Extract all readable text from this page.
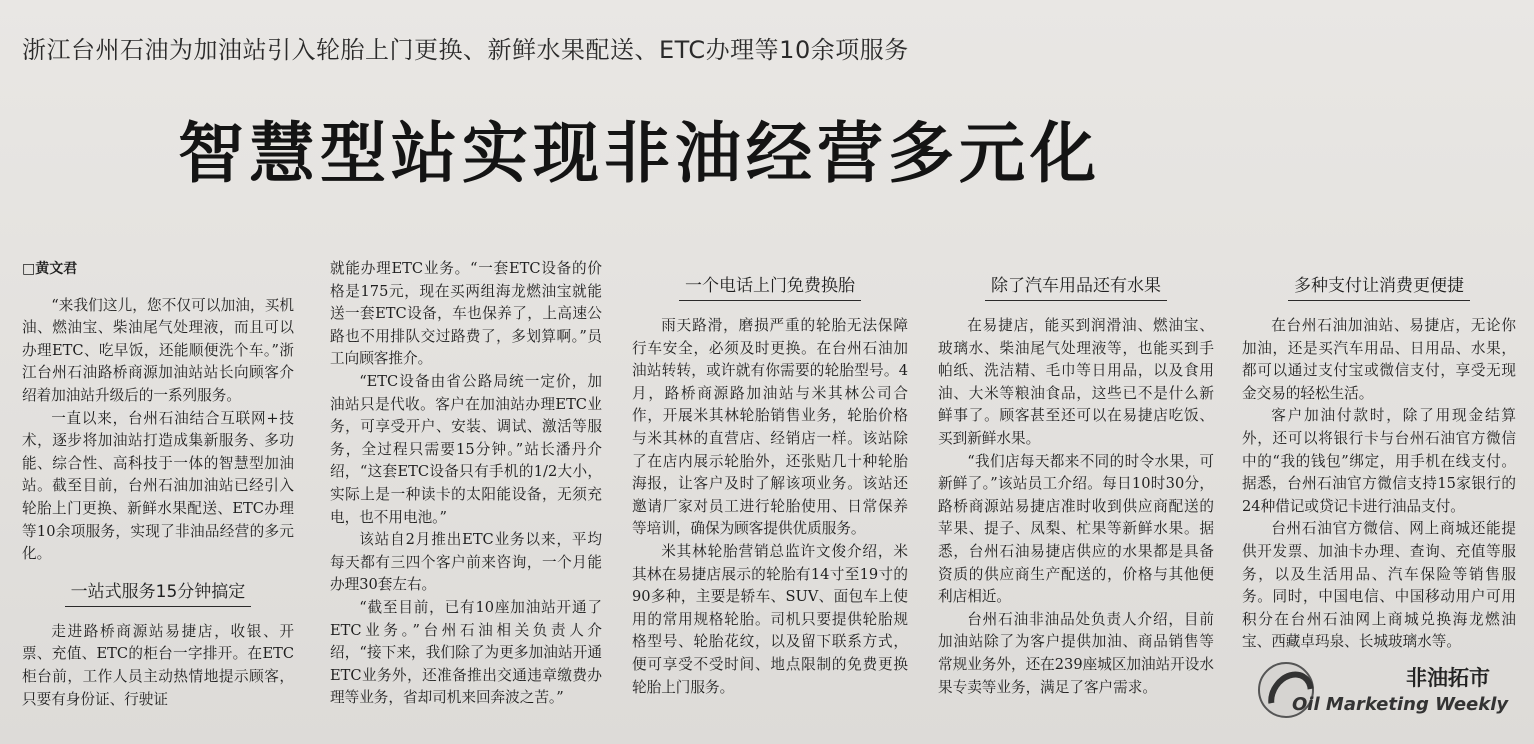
浙江台州石油为加油站引入轮胎上门更换、新鲜水果配送、ETC办理等10余项服务
智慧型站实现非油经营多元化
□黄文君

“来我们这儿，您不仅可以加油，买机油、燃油宝、柴油尾气处理液，而且可以办理ETC、吃早饭，还能顺便洗个车。”浙江台州石油路桥商源加油站站长向顾客介绍着加油站升级后的一系列服务。

一直以来，台州石油结合互联网+技术，逐步将加油站打造成集新服务、多功能、综合性、高科技于一体的智慧型加油站。截至目前，台州石油加油站已经引入轮胎上门更换、新鲜水果配送、ETC办理等10余项服务，实现了非油品经营的多元化。

一站式服务15分钟搞定

走进路桥商源站易捷店，收银、开票、充值、ETC的柜台一字排开。在ETC柜台前，工作人员主动热情地提示顾客，只要有身份证、行驶证

就能办理ETC业务。“一套ETC设备的价格是175元，现在买两组海龙燃油宝就能送一套ETC设备，车也保养了，上高速公路也不用排队交过路费了，多划算啊。”员工向顾客推介。

“ETC设备由省公路局统一定价，加油站只是代收。客户在加油站办理ETC业务，可享受开户、安装、调试、激活等服务，全过程只需要15分钟。”站长潘丹介绍，“这套ETC设备只有手机的1/2大小，实际上是一种读卡的太阳能设备，无须充电，也不用电池。”

该站自2月推出ETC业务以来，平均每天都有三四个客户前来咨询，一个月能办理30套左右。

“截至目前，已有10座加油站开通了ETC业务。”台州石油相关负责人介绍，“接下来，我们除了为更多加油站开通ETC业务外，还准备推出交通违章缴费办理等业务，省却司机来回奔波之苦。”

一个电话上门免费换胎

雨天路滑，磨损严重的轮胎无法保障行车安全，必须及时更换。在台州石油加油站转转，或许就有你需要的轮胎型号。4月，路桥商源路加油站与米其林公司合作，开展米其林轮胎销售业务，轮胎价格与米其林的直营店、经销店一样。该站除了在店内展示轮胎外，还张贴几十种轮胎海报，让客户及时了解该项业务。该站还邀请厂家对员工进行轮胎使用、日常保养等培训，确保为顾客提供优质服务。

米其林轮胎营销总监许文俊介绍，米其林在易捷店展示的轮胎有14寸至19寸的90多种，主要是轿车、SUV、面包车上使用的常用规格轮胎。司机只要提供轮胎规格型号、轮胎花纹，以及留下联系方式，便可享受不受时间、地点限制的免费更换轮胎上门服务。

除了汽车用品还有水果

在易捷店，能买到润滑油、燃油宝、玻璃水、柴油尾气处理液等，也能买到手帕纸、洗洁精、毛巾等日用品，以及食用油、大米等粮油食品，这些已不是什么新鲜事了。顾客甚至还可以在易捷店吃饭、买到新鲜水果。

“我们店每天都来不同的时令水果，可新鲜了。”该站员工介绍。每日10时30分，路桥商源站易捷店准时收到供应商配送的苹果、提子、凤梨、杧果等新鲜水果。据悉，台州石油易捷店供应的水果都是具备资质的供应商生产配送的，价格与其他便利店相近。

台州石油非油品处负责人介绍，目前加油站除了为客户提供加油、商品销售等常规业务外，还在239座城区加油站开设水果专卖等业务，满足了客户需求。

多种支付让消费更便捷

在台州石油加油站、易捷店，无论你加油，还是买汽车用品、日用品、水果，都可以通过支付宝或微信支付，享受无现金交易的轻松生活。

客户加油付款时，除了用现金结算外，还可以将银行卡与台州石油官方微信中的“我的钱包”绑定，用手机在线支付。据悉，台州石油官方微信支持15家银行的24种借记或贷记卡进行油品支付。

台州石油官方微信、网上商城还能提供开发票、加油卡办理、查询、充值等服务，以及生活用品、汽车保险等销售服务。同时，中国电信、中国移动用户可用积分在台州石油网上商城兑换海龙燃油宝、西藏卓玛泉、长城玻璃水等。

非油拓市
Oil Marketing Weekly
